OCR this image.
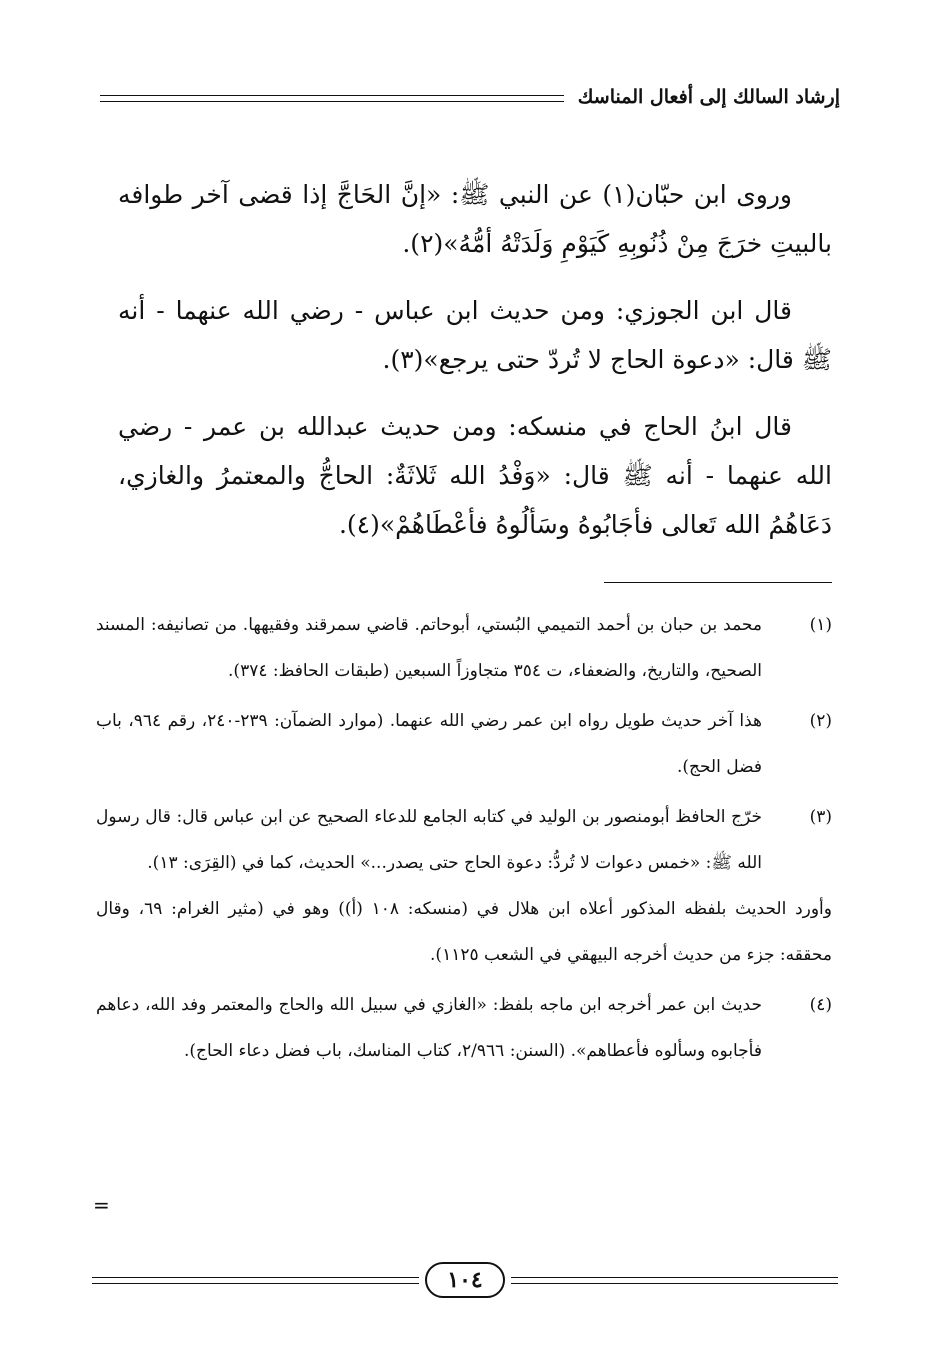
إرشاد السالك إلى أفعال المناسك

وروى ابن حبّان(١) عن النبي ﷺ: «إنَّ الحَاجَّ إذا قضى آخر طوافه بالبيتِ خرَجَ مِنْ ذُنُوبِهِ كَيَوْمِ وَلَدَتْهُ أمُّهُ»(٢).

قال ابن الجوزي: ومن حديث ابن عباس - رضي الله عنهما - أنه ﷺ قال: «دعوة الحاج لا تُردّ حتى يرجع»(٣).

قال ابنُ الحاج في منسكه: ومن حديث عبدالله بن عمر - رضي الله عنهما - أنه ﷺ قال: «وَفْدُ الله ثَلاثَةٌ: الحاجُّ والمعتمرُ والغازي، دَعَاهُمُ الله تَعالى فأجَابُوهُ وسَألُوهُ فأعْطَاهُمْ»(٤).

(١)
محمد بن حبان بن أحمد التميمي البُستي، أبوحاتم. قاضي سمرقند وفقيهها. من تصانيفه: المسند الصحيح، والتاريخ، والضعفاء، ت ٣٥٤ متجاوزاً السبعين (طبقات الحافظ: ٣٧٤).
(٢)
هذا آخر حديث طويل رواه ابن عمر رضي الله عنهما. (موارد الضمآن: ٢٣٩-٢٤٠، رقم ٩٦٤، باب فضل الحج).
(٣)
خرّج الحافظ أبومنصور بن الوليد في كتابه الجامع للدعاء الصحيح عن ابن عباس قال: قال رسول الله ﷺ: «خمس دعوات لا تُردُّ: دعوة الحاج حتى يصدر...» الحديث، كما في (القِرَى: ١٣).
وأورد الحديث بلفظه المذكور أعلاه ابن هلال في (منسكه: ١٠٨ (أ)) وهو في (مثير الغرام: ٦٩، وقال محققه: جزء من حديث أخرجه البيهقي في الشعب ١١٢٥).
(٤)
حديث ابن عمر أخرجه ابن ماجه بلفظ: «الغازي في سبيل الله والحاج والمعتمر وفد الله، دعاهم فأجابوه وسألوه فأعطاهم». (السنن: ٢/٩٦٦، كتاب المناسك، باب فضل دعاء الحاج).
=
١٠٤
